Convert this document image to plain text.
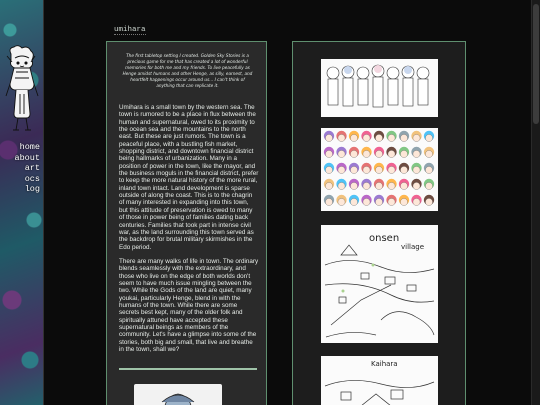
home
about
art
ocs
log
umihara
The first tabletop setting I created. Golden Sky Stories is a precious game for me that has created a lot of wonderful memories for both me and my friends. To live peacefully as Henge amidst humans and other Henge, as silly, earnest, and heartfelt happenings occur around us... I can't think of anything that can replicate it.

Umihara is a small town by the western sea. The town is rumored to be a place in flux between the human and supernatural, owed to its proximity to the ocean sea and the mountains to the north east. But these are just rumors. The town is a peaceful place, with a bustling fish market, shopping district, and downtown financial district being hallmarks of urbanization. Many in a position of power in the town, like the mayor, and the business moguls in the financial district, prefer to keep the more natural history of the more rural, inland town intact. Land development is sparse outside of along the coast. This is to the chagrin of many interested in expanding into this town, but this attitude of preservation is owed to many of those in power being of families dating back centuries. Families that took part in intense civil war, as the land surrounding this town served as the backdrop for brutal military skirmishes in the Edo period.

There are many walks of life in town. The ordinary blends seamlessly with the extraordinary, and those who live on the edge of both worlds don't seem to have much issue mingling between the two. While the Gods of the land are quiet, many youkai, particularly Henge, blend in with the humans of the town. While there are some secrets best kept, many of the older folk and spiritually attuned have accepted these supernatural beings as members of the community. Let's have a glimpse into some of the stories, both big and small, that live and breathe in the town, shall we?

onsen
village
Kaihara
